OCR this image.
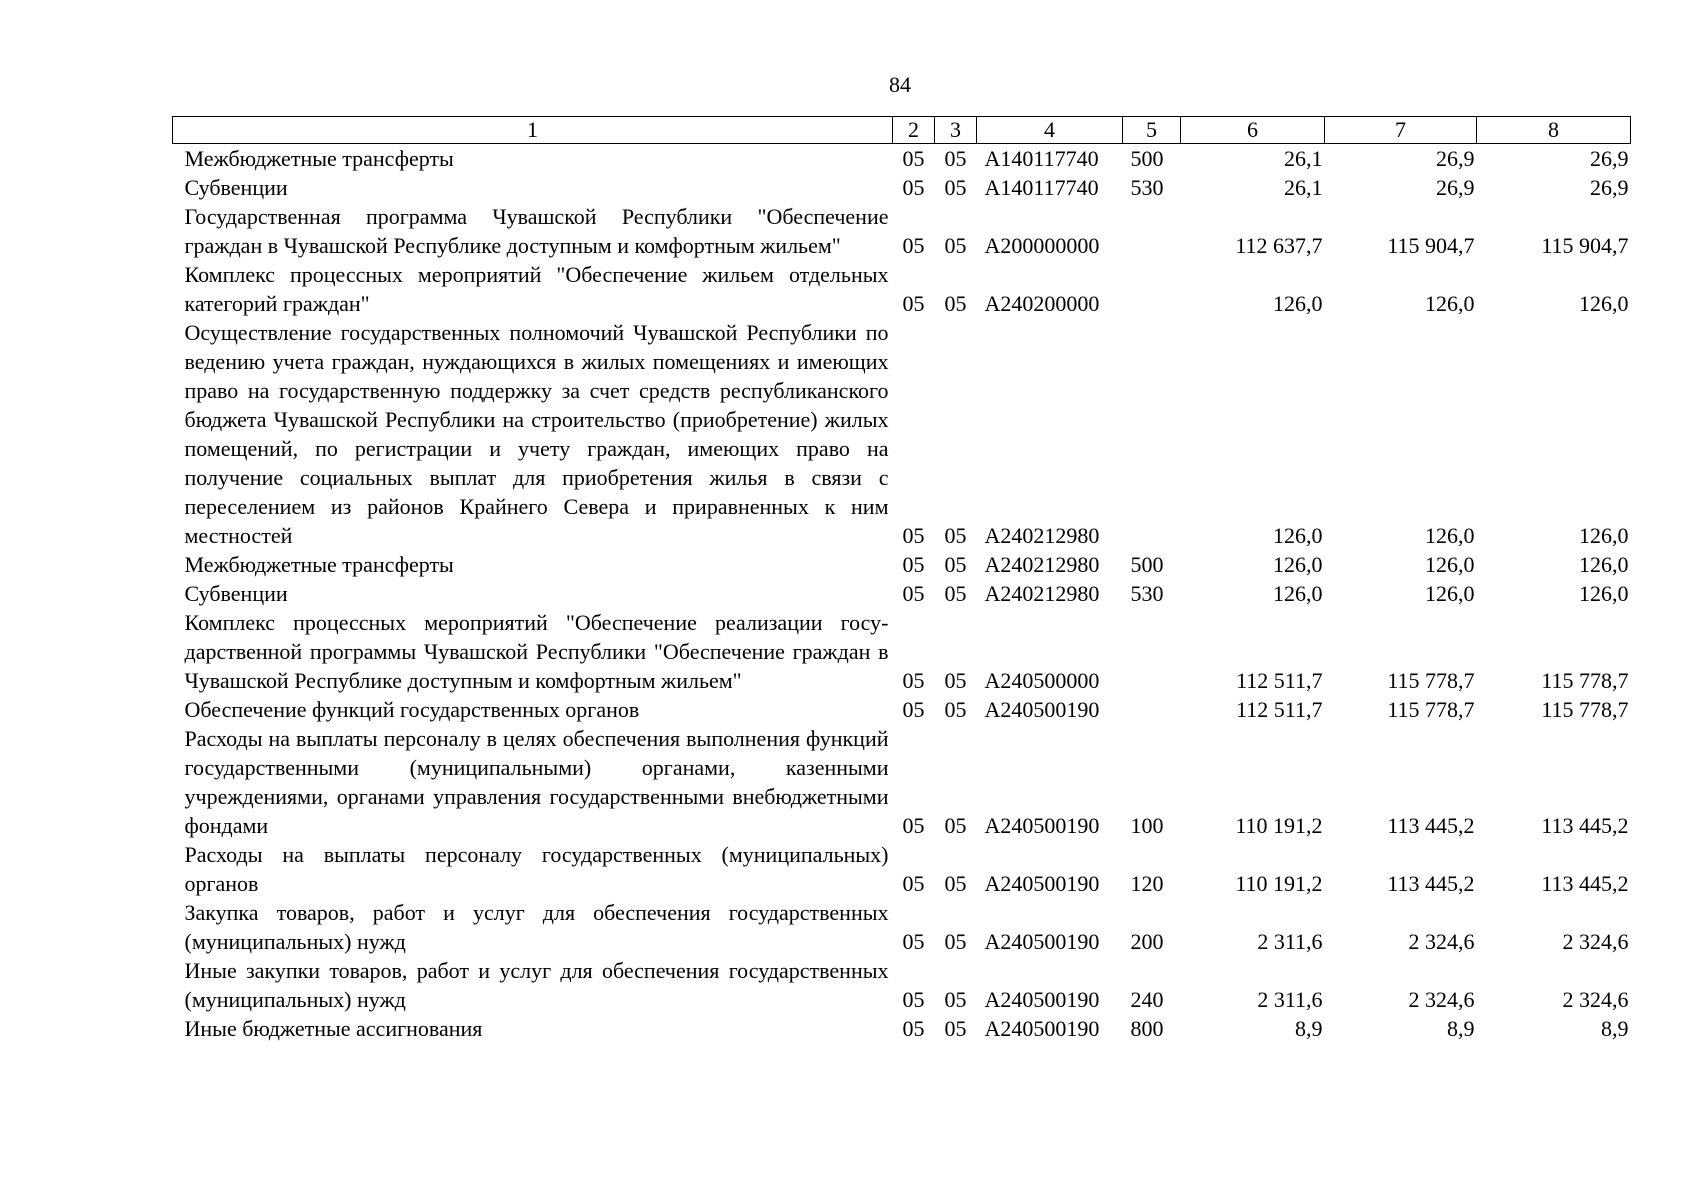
84
1	2	3	4	5	6	7	8
Межбюджетные трансферты	05	05	А140117740	500	26,1	26,9	26,9
Субвенции	05	05	А140117740	530	26,1	26,9	26,9
Государственная программа Чувашской Республики "Обеспечение граждан в Чувашской Республике доступным и комфортным жильем"	05	05	А200000000		112 637,7	115 904,7	115 904,7
Комплекс процессных мероприятий "Обеспечение жильем отдельных категорий граждан"	05	05	А240200000		126,0	126,0	126,0
Осуществление государственных полномочий Чувашской Республики по ведению учета граждан, нуждающихся в жилых помещениях и имеющих право на государственную поддержку за счет средств республиканского бюджета Чувашской Республики на строительство (приобретение) жилых помещений, по регистрации и учету граждан, имеющих право на получение социальных выплат для приобретения жилья в связи с переселением из районов Крайнего Севера и приравненных к ним местностей	05	05	А240212980		126,0	126,0	126,0
Межбюджетные трансферты	05	05	А240212980	500	126,0	126,0	126,0
Субвенции	05	05	А240212980	530	126,0	126,0	126,0
Комплекс процессных мероприятий "Обеспечение реализации государственной программы Чувашской Республики "Обеспечение граждан в Чувашской Республике доступным и комфортным жильем"	05	05	А240500000		112 511,7	115 778,7	115 778,7
Обеспечение функций государственных органов	05	05	А240500190		112 511,7	115 778,7	115 778,7
Расходы на выплаты персоналу в целях обеспечения выполнения функций государственными (муниципальными) органами, казенными учреждениями, органами управления государственными внебюджетными фондами	05	05	А240500190	100	110 191,2	113 445,2	113 445,2
Расходы на выплаты персоналу государственных (муниципальных) органов	05	05	А240500190	120	110 191,2	113 445,2	113 445,2
Закупка товаров, работ и услуг для обеспечения государственных (муниципальных) нужд	05	05	А240500190	200	2 311,6	2 324,6	2 324,6
Иные закупки товаров, работ и услуг для обеспечения государственных (муниципальных) нужд	05	05	А240500190	240	2 311,6	2 324,6	2 324,6
Иные бюджетные ассигнования	05	05	А240500190	800	8,9	8,9	8,9
